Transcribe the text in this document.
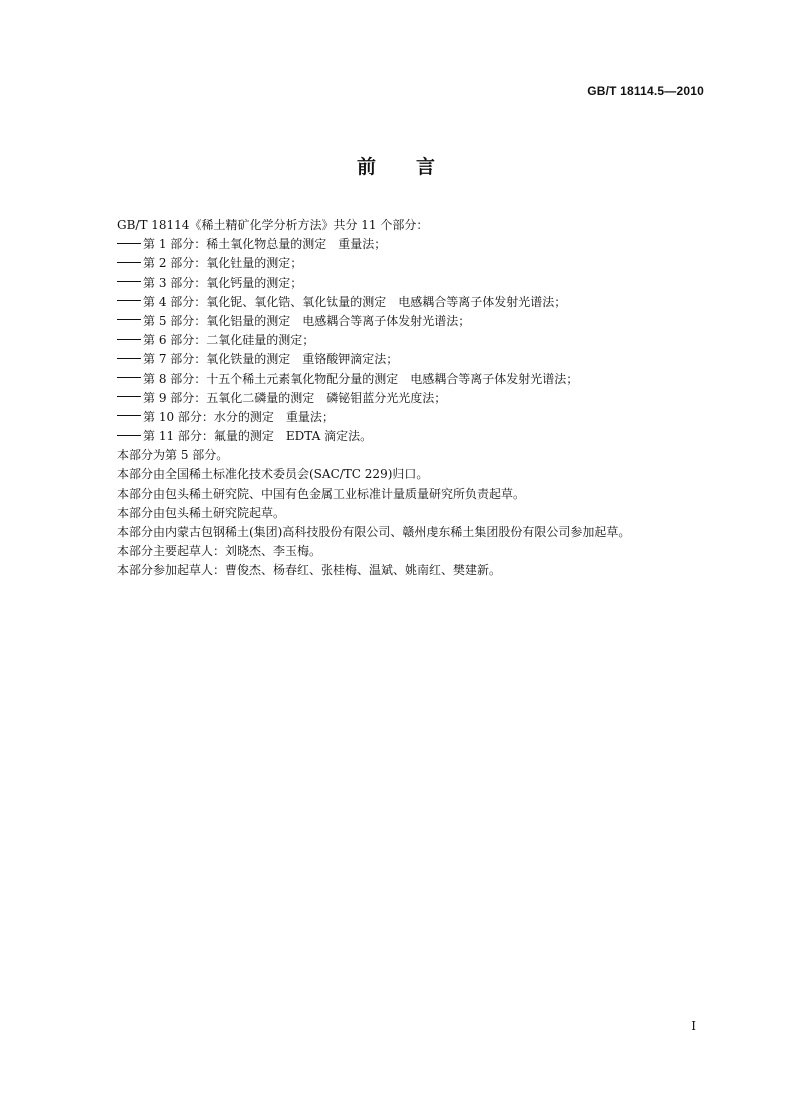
GB/T 18114.5—2010
前言
GB/T 18114《稀土精矿化学分析方法》共分 11 个部分：
第 1 部分：稀土氧化物总量的测定　重量法；
第 2 部分：氧化钍量的测定；
第 3 部分：氧化钙量的测定；
第 4 部分：氧化铌、氧化锆、氧化钛量的测定　电感耦合等离子体发射光谱法；
第 5 部分：氧化铝量的测定　电感耦合等离子体发射光谱法；
第 6 部分：二氧化硅量的测定；
第 7 部分：氧化铁量的测定　重铬酸钾滴定法；
第 8 部分：十五个稀土元素氧化物配分量的测定　电感耦合等离子体发射光谱法；
第 9 部分：五氧化二磷量的测定　磷铋钼蓝分光光度法；
第 10 部分：水分的测定　重量法；
第 11 部分：氟量的测定　EDTA 滴定法。
本部分为第 5 部分。
本部分由全国稀土标准化技术委员会(SAC/TC 229)归口。
本部分由包头稀土研究院、中国有色金属工业标准计量质量研究所负责起草。
本部分由包头稀土研究院起草。
本部分由内蒙古包钢稀土(集团)高科技股份有限公司、赣州虔东稀土集团股份有限公司参加起草。
本部分主要起草人：刘晓杰、李玉梅。
本部分参加起草人：曹俊杰、杨春红、张桂梅、温斌、姚南红、樊建新。
I
